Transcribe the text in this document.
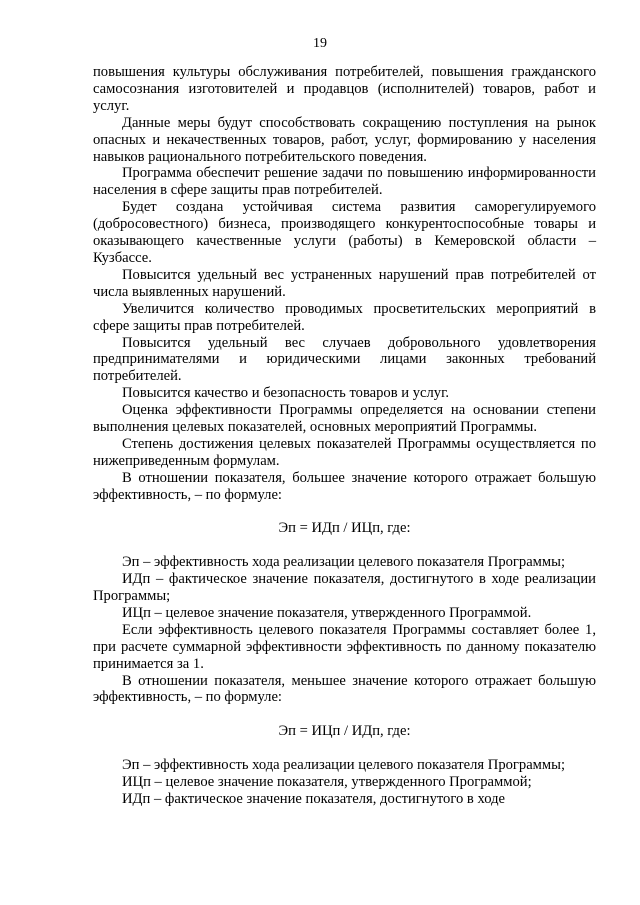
19

повышения культуры обслуживания потребителей, повышения гражданского самосознания изготовителей и продавцов (исполнителей) товаров, работ и услуг.

Данные меры будут способствовать сокращению поступления на рынок опасных и некачественных товаров, работ, услуг, формированию у населения навыков рационального потребительского поведения.

Программа обеспечит решение задачи по повышению информированности населения в сфере защиты прав потребителей.

Будет создана устойчивая система развития саморегулируемого (добросовестного) бизнеса, производящего конкурентоспособные товары и оказывающего качественные услуги (работы) в Кемеровской области – Кузбассе.

Повысится удельный вес устраненных нарушений прав потребителей от числа выявленных нарушений.

Увеличится количество проводимых просветительских мероприятий в сфере защиты прав потребителей.

Повысится удельный вес случаев добровольного удовлетворения предпринимателями и юридическими лицами законных требований потребителей.

Повысится качество и безопасность товаров и услуг.

Оценка эффективности Программы определяется на основании степени выполнения целевых показателей, основных мероприятий Программы.

Степень достижения целевых показателей Программы осуществляется по нижеприведенным формулам.

В отношении показателя, большее значение которого отражает большую эффективность, – по формуле:

Эп = ИДп / ИЦп, где:

Эп – эффективность хода реализации целевого показателя Программы;

ИДп – фактическое значение показателя, достигнутого в ходе реализации Программы;

ИЦп – целевое значение показателя, утвержденного Программой.

Если эффективность целевого показателя Программы составляет более 1, при расчете суммарной эффективности эффективность по данному показателю принимается за 1.

В отношении показателя, меньшее значение которого отражает большую эффективность, – по формуле:

Эп = ИЦп / ИДп, где:

Эп – эффективность хода реализации целевого показателя Программы;

ИЦп – целевое значение показателя, утвержденного Программой;

ИДп – фактическое значение показателя, достигнутого в ходе
